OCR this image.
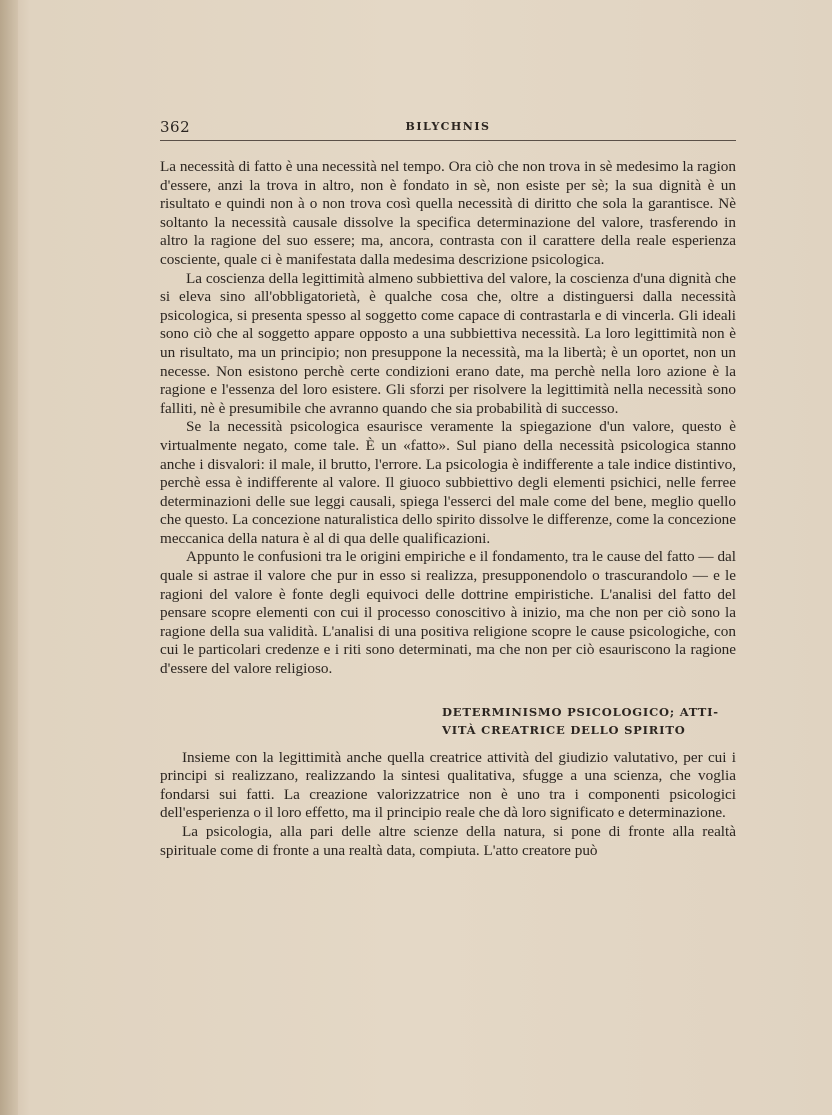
362	BILYCHNIS

La necessità di fatto è una necessità nel tempo. Ora ciò che non trova in sè medesimo la ragion d'essere, anzi la trova in altro, non è fondato in sè, non esiste per sè; la sua dignità è un risultato e quindi non à o non trova così quella necessità di diritto che sola la garantisce. Nè soltanto la necessità causale dissolve la specifica determinazione del valore, trasferendo in altro la ragione del suo essere; ma, ancora, contrasta con il carattere della reale esperienza cosciente, quale ci è manifestata dalla medesima descrizione psicologica.

La coscienza della legittimità almeno subbiettiva del valore, la coscienza d'una dignità che si eleva sino all'obbligatorietà, è qualche cosa che, oltre a distinguersi dalla necessità psicologica, si presenta spesso al soggetto come capace di contrastarla e di vincerla. Gli ideali sono ciò che al soggetto appare opposto a una subbiettiva necessità. La loro legittimità non è un risultato, ma un principio; non presuppone la necessità, ma la libertà; è un oportet, non un necesse. Non esistono perchè certe condizioni erano date, ma perchè nella loro azione è la ragione e l'essenza del loro esistere. Gli sforzi per risolvere la legittimità nella necessità sono falliti, nè è presumibile che avranno quando che sia probabilità di successo.

Se la necessità psicologica esaurisce veramente la spiegazione d'un valore, questo è virtualmente negato, come tale. È un «fatto». Sul piano della necessità psicologica stanno anche i disvalori: il male, il brutto, l'errore. La psicologia è indifferente a tale indice distintivo, perchè essa è indifferente al valore. Il giuoco subbiettivo degli elementi psichici, nelle ferree determinazioni delle sue leggi causali, spiega l'esserci del male come del bene, meglio quello che questo. La concezione naturalistica dello spirito dissolve le differenze, come la concezione meccanica della natura è al di qua delle qualificazioni.

Appunto le confusioni tra le origini empiriche e il fondamento, tra le cause del fatto — dal quale si astrae il valore che pur in esso si realizza, presupponendolo o trascurandolo — e le ragioni del valore è fonte degli equivoci delle dottrine empiristiche. L'analisi del fatto del pensare scopre elementi con cui il processo conoscitivo à inizio, ma che non per ciò sono la ragione della sua validità. L'analisi di una positiva religione scopre le cause psicologiche, con cui le particolari credenze e i riti sono determinati, ma che non per ciò esauriscono la ragione d'essere del valore religioso.

DETERMINISMO PSICOLOGICO; ATTI-
VITÀ CREATRICE DELLO SPIRITO

Insieme con la legittimità anche quella creatrice attività del giudizio valutativo, per cui i principi si realizzano, realizzando la sintesi qualitativa, sfugge a una scienza, che voglia fondarsi sui fatti. La creazione valorizzatrice non è uno tra i componenti psicologici dell'esperienza o il loro effetto, ma il principio reale che dà loro significato e determinazione.

La psicologia, alla pari delle altre scienze della natura, si pone di fronte alla realtà spirituale come di fronte a una realtà data, compiuta. L'atto creatore può
